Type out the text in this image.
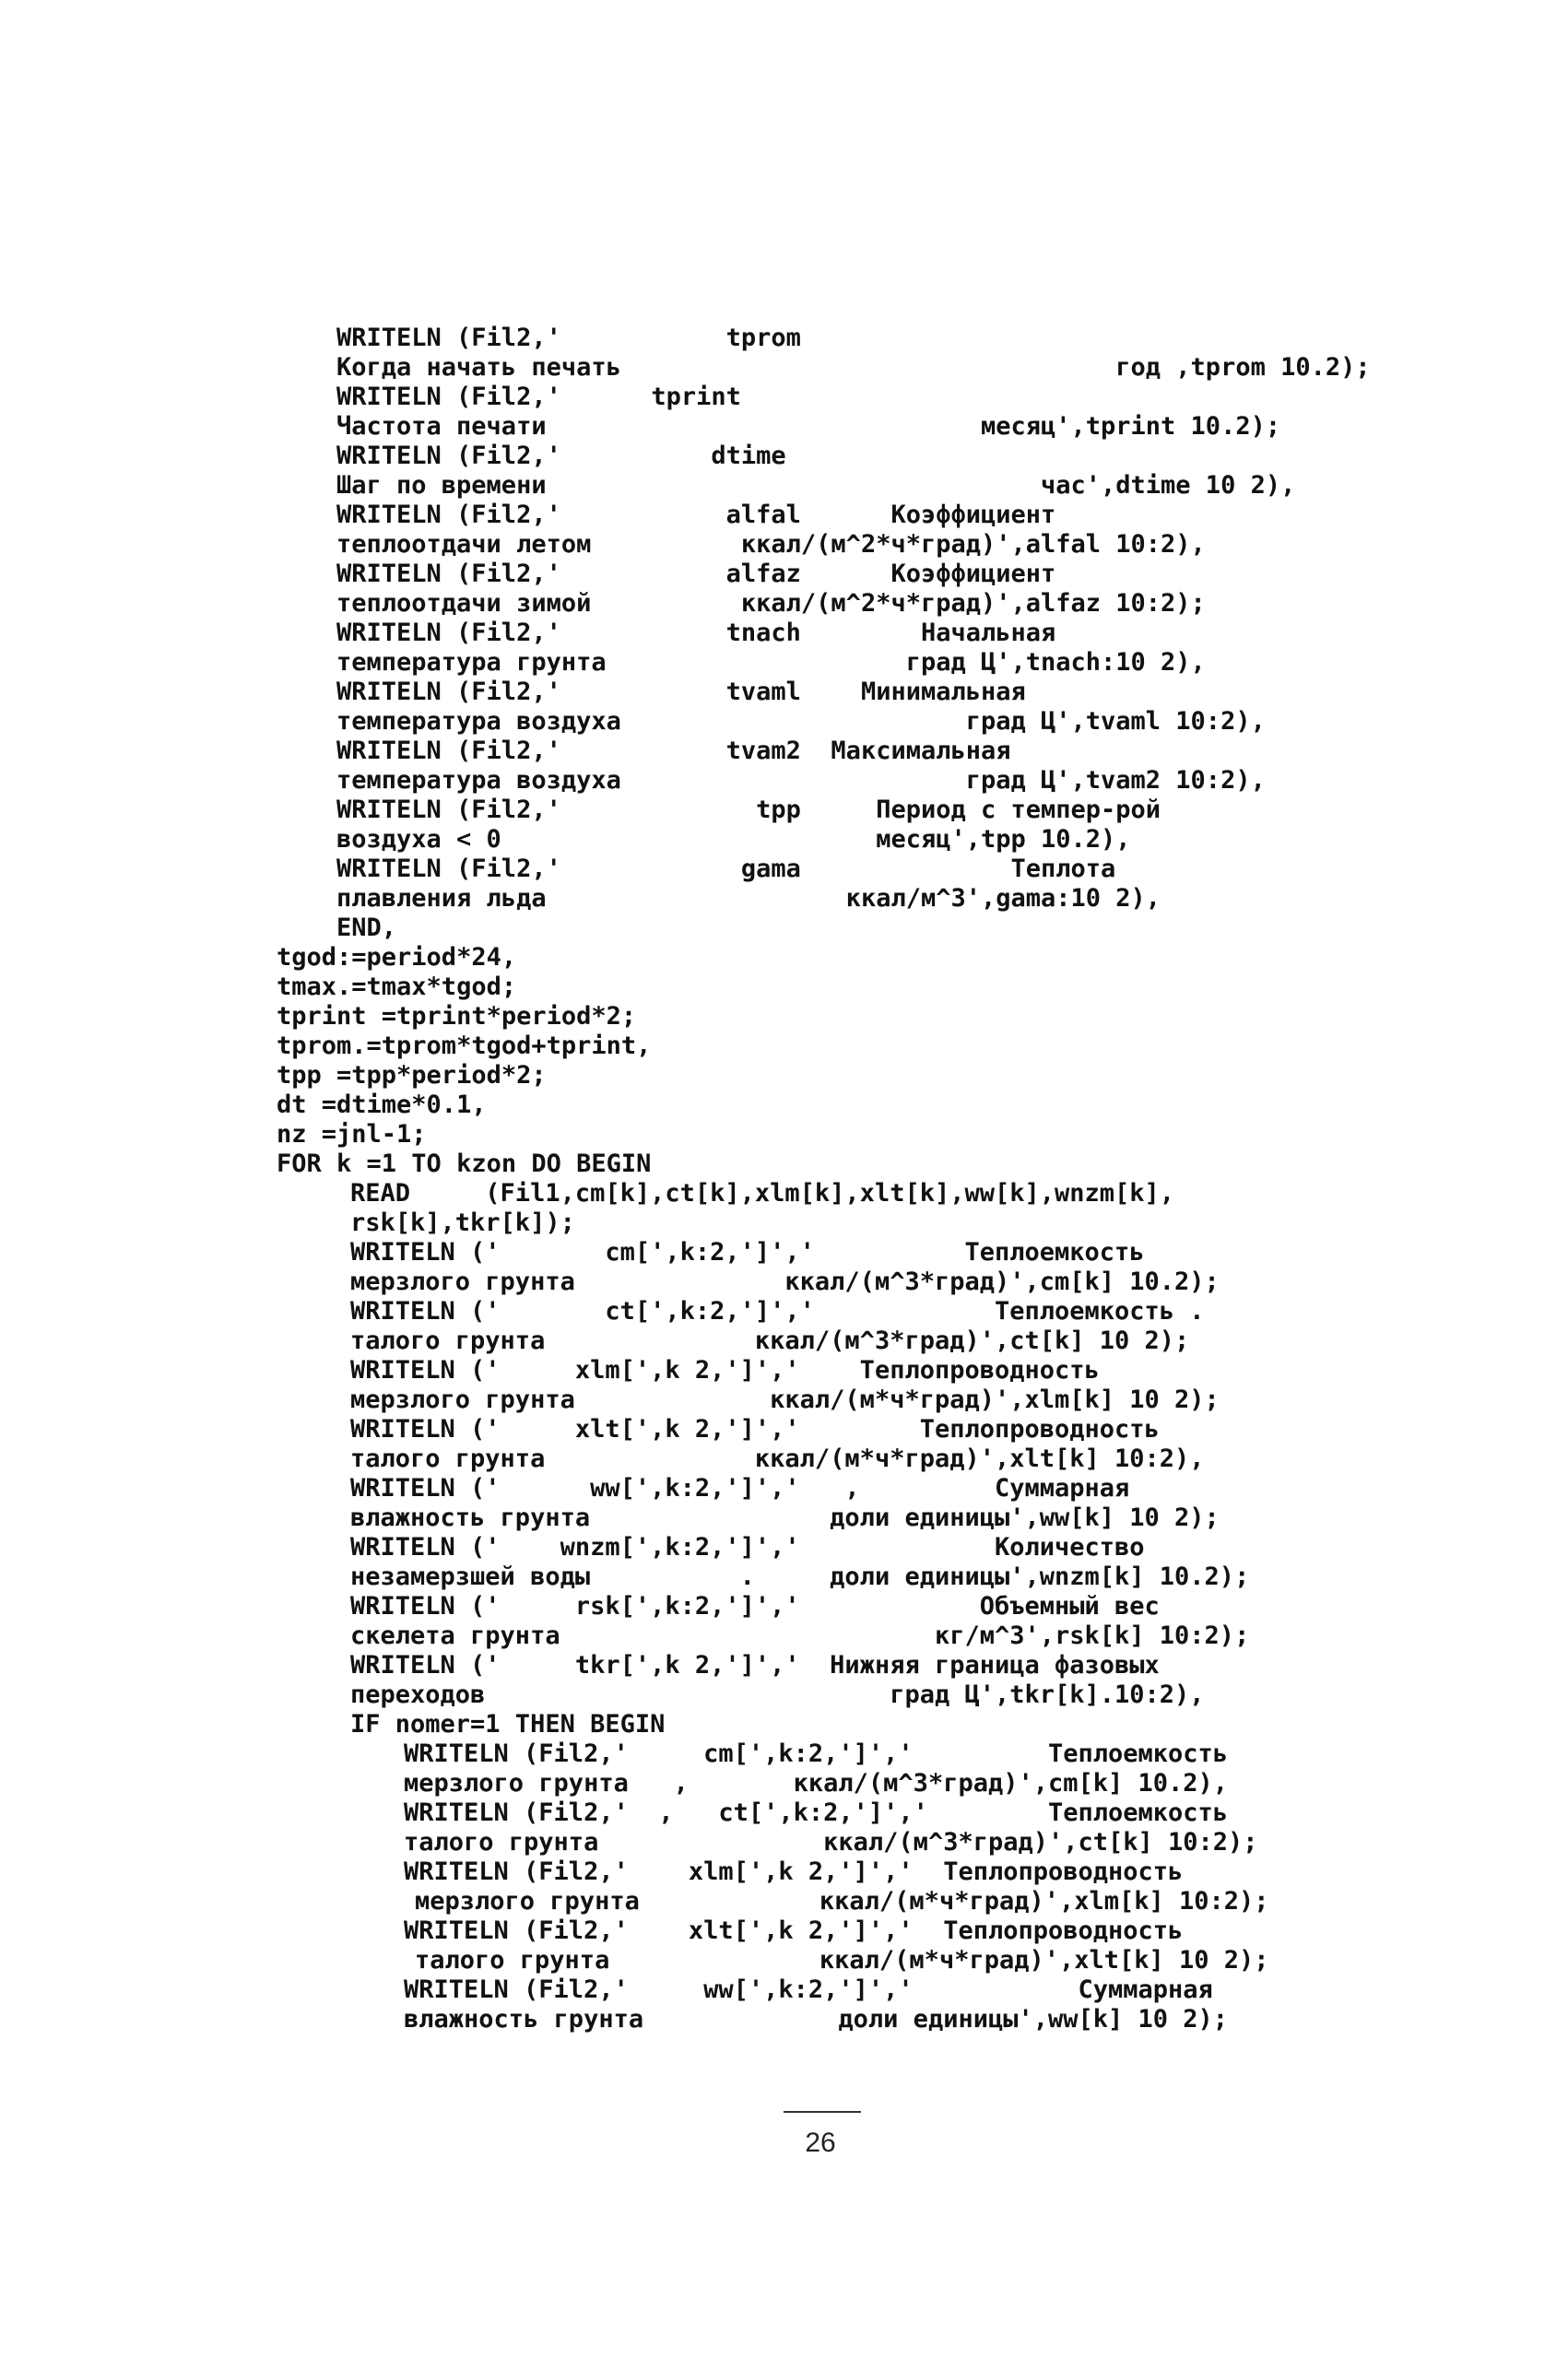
WRITELN (Fil2,'           tprom
Когда начать печать                                 год ,tprom 10.2);
WRITELN (Fil2,'      tprint
Частота печати                             месяц',tprint 10.2);
WRITELN (Fil2,'          dtime
Шаг по времени                                 час',dtime 10 2),
WRITELN (Fil2,'           alfal      Коэффициент
теплоотдачи летом          ккал/(м^2*ч*град)',alfal 10:2),
WRITELN (Fil2,'           alfaz      Коэффициент
теплоотдачи зимой          ккал/(м^2*ч*град)',alfaz 10:2);
WRITELN (Fil2,'           tnach        Начальная
температура грунта                    град Ц',tnach:10 2),
WRITELN (Fil2,'           tvaml    Минимальная
температура воздуха                       град Ц',tvaml 10:2),
WRITELN (Fil2,'           tvam2  Максимальная
температура воздуха                       град Ц',tvam2 10:2),
WRITELN (Fil2,'             tpp     Период с темпер-рой
воздуха < 0                         месяц',tpp 10.2),
WRITELN (Fil2,'            gama              Теплота
плавления льда                    ккал/м^3',gama:10 2),
END,
tgod:=period*24,
tmax.=tmax*tgod;
tprint =tprint*period*2;
tprom.=tprom*tgod+tprint,
tpp =tpp*period*2;
dt =dtime*0.1,
nz =jnl-1;
FOR k =1 TO kzon DO BEGIN
READ     (Fil1,cm[k],ct[k],xlm[k],xlt[k],ww[k],wnzm[k],
rsk[k],tkr[k]);
WRITELN ('       cm[',k:2,']','          Теплоемкость
мерзлого грунта              ккал/(м^3*град)',cm[k] 10.2);
WRITELN ('       ct[',k:2,']','            Теплоемкость .
талого грунта              ккал/(м^3*град)',ct[k] 10 2);
WRITELN ('     xlm[',k 2,']','    Теплопроводность
мерзлого грунта             ккал/(м*ч*град)',xlm[k] 10 2);
WRITELN ('     xlt[',k 2,']','        Теплопроводность
талого грунта              ккал/(м*ч*град)',xlt[k] 10:2),
WRITELN ('      ww[',k:2,']','   ,         Суммарная
влажность грунта                доли единицы',ww[k] 10 2);
WRITELN ('    wnzm[',k:2,']','             Количество
незамерзшей воды          .     доли единицы',wnzm[k] 10.2);
WRITELN ('     rsk[',k:2,']','            Объемный вес
скелета грунта                         кг/м^3',rsk[k] 10:2);
WRITELN ('     tkr[',k 2,']','  Нижняя граница фазовых
переходов                           град Ц',tkr[k].10:2),
IF nomer=1 THEN BEGIN
WRITELN (Fil2,'     cm[',k:2,']','         Теплоемкость
мерзлого грунта   ,       ккал/(м^3*град)',cm[k] 10.2),
WRITELN (Fil2,'  ,   ct[',k:2,']','        Теплоемкость
талого грунта               ккал/(м^3*град)',ct[k] 10:2);
WRITELN (Fil2,'    xlm[',k 2,']','  Теплопроводность
мерзлого грунта            ккал/(м*ч*град)',xlm[k] 10:2);
WRITELN (Fil2,'    xlt[',k 2,']','  Теплопроводность
талого грунта              ккал/(м*ч*град)',xlt[k] 10 2);
WRITELN (Fil2,'     ww[',k:2,']','           Суммарная
влажность грунта             доли единицы',ww[k] 10 2);
26
